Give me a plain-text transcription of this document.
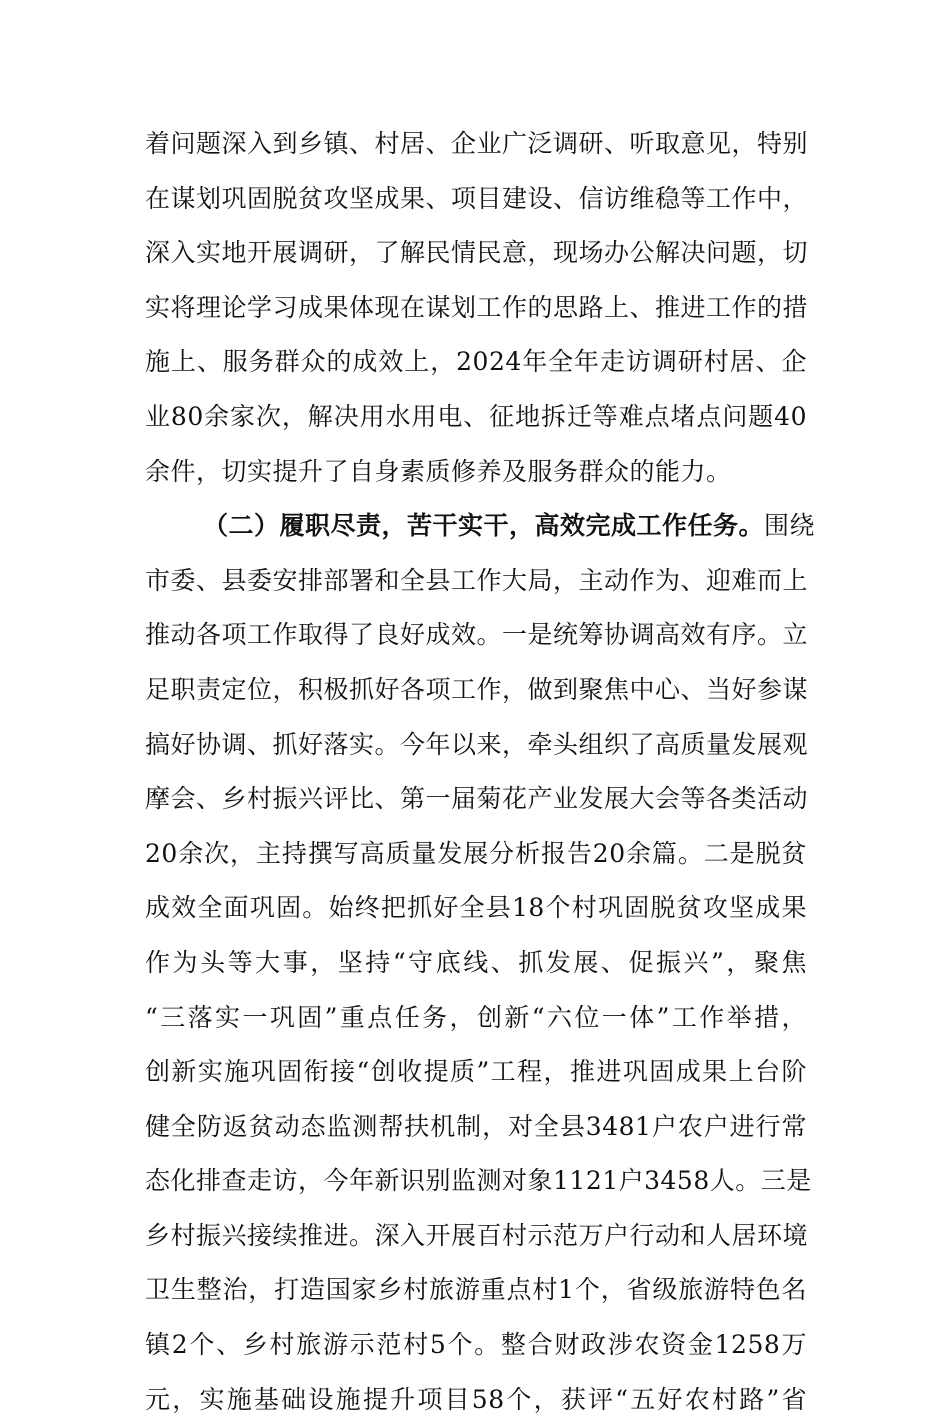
着问题深入到乡镇、村居、企业广泛调研、听取意见，特别
在谋划巩固脱贫攻坚成果、项目建设、信访维稳等工作中，
深入实地开展调研，了解民情民意，现场办公解决问题，切
实将理论学习成果体现在谋划工作的思路上、推进工作的措
施上、服务群众的成效上，2024年全年走访调研村居、企
业80余家次，解决用水用电、征地拆迁等难点堵点问题40
余件，切实提升了自身素质修养及服务群众的能力。
（二）履职尽责，苦干实干，高效完成工作任务。围绕
市委、县委安排部署和全县工作大局，主动作为、迎难而上
推动各项工作取得了良好成效。一是统筹协调高效有序。立
足职责定位，积极抓好各项工作，做到聚焦中心、当好参谋
搞好协调、抓好落实。今年以来，牵头组织了高质量发展观
摩会、乡村振兴评比、第一届菊花产业发展大会等各类活动
20余次，主持撰写高质量发展分析报告20余篇。二是脱贫
成效全面巩固。始终把抓好全县18个村巩固脱贫攻坚成果
作为头等大事，坚持“守底线、抓发展、促振兴”，聚焦
“三落实一巩固”重点任务，创新“六位一体”工作举措，
创新实施巩固衔接“创收提质”工程，推进巩固成果上台阶
健全防返贫动态监测帮扶机制，对全县3481户农户进行常
态化排查走访，今年新识别监测对象1121户3458人。三是
乡村振兴接续推进。深入开展百村示范万户行动和人居环境
卫生整治，打造国家乡村旅游重点村1个，省级旅游特色名
镇2个、乡村旅游示范村5个。整合财政涉农资金1258万
元，实施基础设施提升项目58个，获评“五好农村路”省
